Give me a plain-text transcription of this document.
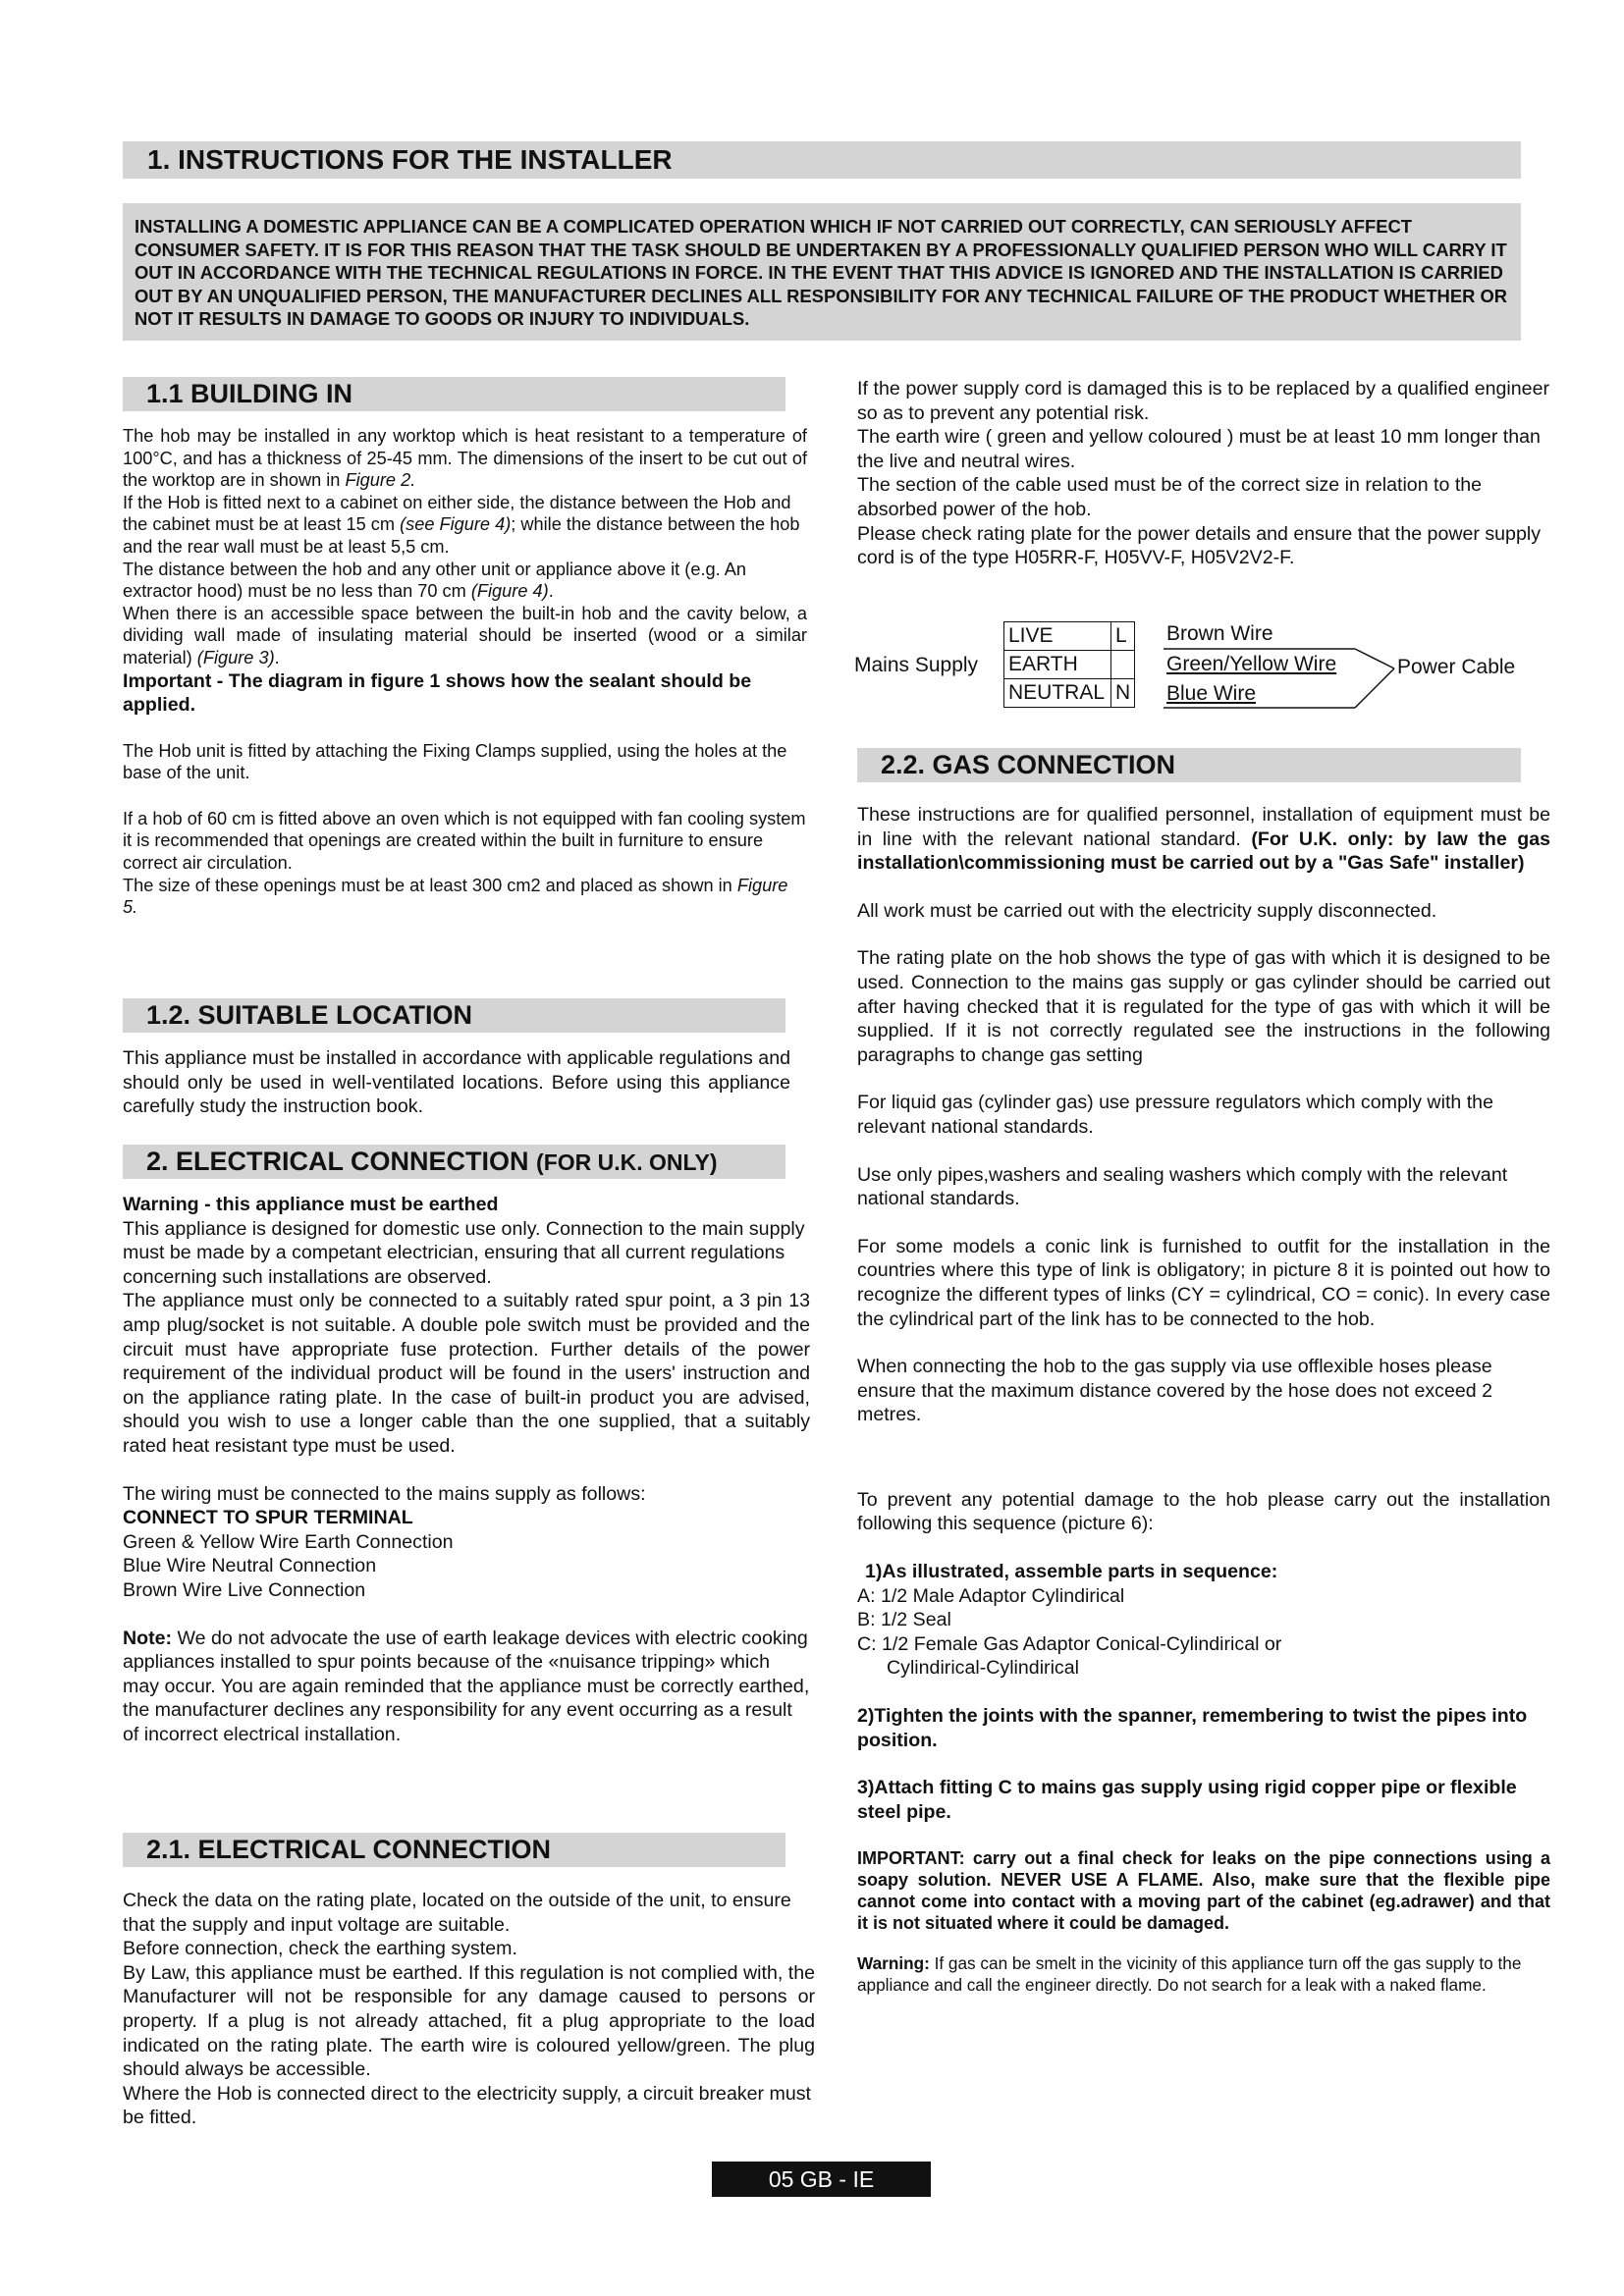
1. INSTRUCTIONS FOR THE INSTALLER
INSTALLING A DOMESTIC APPLIANCE CAN BE A COMPLICATED OPERATION WHICH IF NOT CARRIED OUT CORRECTLY, CAN SERIOUSLY AFFECT CONSUMER SAFETY. IT IS FOR THIS REASON THAT THE TASK SHOULD BE UNDERTAKEN BY A PROFESSIONALLY QUALIFIED PERSON WHO WILL CARRY IT OUT IN ACCORDANCE WITH THE TECHNICAL REGULATIONS IN FORCE. IN THE EVENT THAT THIS ADVICE IS IGNORED AND THE INSTALLATION IS CARRIED OUT BY AN UNQUALIFIED PERSON, THE MANUFACTURER DECLINES ALL RESPONSIBILITY FOR ANY TECHNICAL FAILURE OF THE PRODUCT WHETHER OR NOT IT RESULTS IN DAMAGE TO GOODS OR INJURY TO INDIVIDUALS.
1.1 BUILDING IN
1.2. SUITABLE LOCATION
2. ELECTRICAL CONNECTION (FOR U.K. ONLY)
2.1. ELECTRICAL CONNECTION
2.2. GAS CONNECTION

The hob may be installed in any worktop which is heat resistant to a temperature of 100°C, and has a thickness of 25-45 mm. The dimensions of the insert to be cut out of the worktop are in shown in Figure 2.

If the Hob is fitted next to a cabinet on either side, the distance between the Hob and the cabinet must be at least 15 cm (see Figure 4); while the distance between the hob and the rear wall must be at least 5,5 cm.

The distance between the hob and any other unit or appliance above it (e.g. An extractor hood) must be no less than 70 cm (Figure 4).

When there is an accessible space between the built-in hob and the cavity below, a dividing wall made of insulating material should be inserted (wood or a similar material) (Figure 3).

Important - The diagram in figure 1 shows how the sealant should be applied.

The Hob unit is fitted by attaching the Fixing Clamps supplied, using the holes at the base of the unit.

If a hob of 60 cm is fitted above an oven which is not equipped with fan cooling system it is recommended that openings are created within the built in furniture to ensure correct air circulation.

The size of these openings must be at least 300 cm2 and placed as shown in Figure 5.

This appliance must be installed in accordance with applicable regulations and should only be used in well-ventilated locations. Before using this appliance carefully study the instruction book.

Warning - this appliance must be earthed

This appliance is designed for domestic use only. Connection to the main supply must be made by a competant electrician, ensuring that all current regulations concerning such installations are observed.

The appliance must only be connected to a suitably rated spur point, a 3 pin 13 amp plug/socket is not suitable. A double pole switch must be provided and the circuit must have appropriate fuse protection. Further details of the power requirement of the individual product will be found in the users' instruction and on the appliance rating plate. In the case of built-in product you are advised, should you wish to use a longer cable than the one supplied, that a suitably rated heat resistant type must be used.

The wiring must be connected to the mains supply as follows:

CONNECT TO SPUR TERMINAL

Green & Yellow Wire Earth Connection

Blue Wire Neutral Connection

Brown Wire Live Connection

Note: We do not advocate the use of earth leakage devices with electric cooking appliances installed to spur points because of the «nuisance tripping» which may occur. You are again reminded that the appliance must be correctly earthed, the manufacturer declines any responsibility for any event occurring as a result of incorrect electrical installation.

Check the data on the rating plate, located on the outside of the unit, to ensure that the supply and input voltage are suitable.

Before connection, check the earthing system.

By Law, this appliance must be earthed. If this regulation is not complied with, the Manufacturer will not be responsible for any damage caused to persons or property. If a plug is not already attached, fit a plug appropriate to the load indicated on the rating plate. The earth wire is coloured yellow/green. The plug should always be accessible.

Where the Hob is connected direct to the electricity supply, a circuit breaker must be fitted.

If the power supply cord is damaged this is to be replaced by a qualified engineer so as to prevent any potential risk.

The earth wire ( green and yellow coloured ) must be at least 10 mm longer than the live and neutral wires.

The section of the cable used must be of the correct size in relation to the absorbed power of the hob.

Please check rating plate for the power details and ensure that the power supply cord is of the type H05RR-F, H05VV-F, H05V2V2-F.

Mains Supply
LIVE	L
EARTH	
NEUTRAL	N
Brown Wire
Green/Yellow Wire
Blue Wire
Power Cable

These instructions are for qualified personnel, installation of equipment must be in line with the relevant national standard. (For U.K. only: by law the gas installation\commissioning must be carried out by a "Gas Safe" installer)

All work must be carried out with the electricity supply disconnected.

The rating plate on the hob shows the type of gas with which it is designed to be used. Connection to the mains gas supply or gas cylinder should be carried out after having checked that it is regulated for the type of gas with which it will be supplied. If it is not correctly regulated see the instructions in the following paragraphs to change gas setting

For liquid gas (cylinder gas) use pressure regulators which comply with the relevant national standards.

Use only pipes,washers and sealing washers which comply with the relevant national standards.

For some models a conic link is furnished to outfit for the installation in the countries where this type of link is obligatory; in picture 8 it is pointed out how to recognize the different types of links (CY = cylindrical, CO = conic). In every case the cylindrical part of the link has to be connected to the hob.

When connecting the hob to the gas supply via use offlexible hoses please ensure that the maximum distance covered by the hose does not exceed 2 metres.

To prevent any potential damage to the hob please carry out the installation following this sequence (picture 6):

1)As illustrated, assemble parts in sequence:

A: 1/2 Male Adaptor Cylindirical

B: 1/2 Seal

C: 1/2 Female Gas Adaptor Conical-Cylindirical or

Cylindirical-Cylindirical

2)Tighten the joints with the spanner, remembering to twist the pipes into position.

3)Attach fitting C to mains gas supply using rigid copper pipe or flexible steel pipe.

IMPORTANT: carry out a final check for leaks on the pipe connections using a soapy solution. NEVER USE A FLAME. Also, make sure that the flexible pipe cannot come into contact with a moving part of the cabinet (eg.adrawer) and that it is not situated where it could be damaged.

Warning: If gas can be smelt in the vicinity of this appliance turn off the gas supply to the appliance and call the engineer directly. Do not search for a leak with a naked flame.

05 GB - IE
